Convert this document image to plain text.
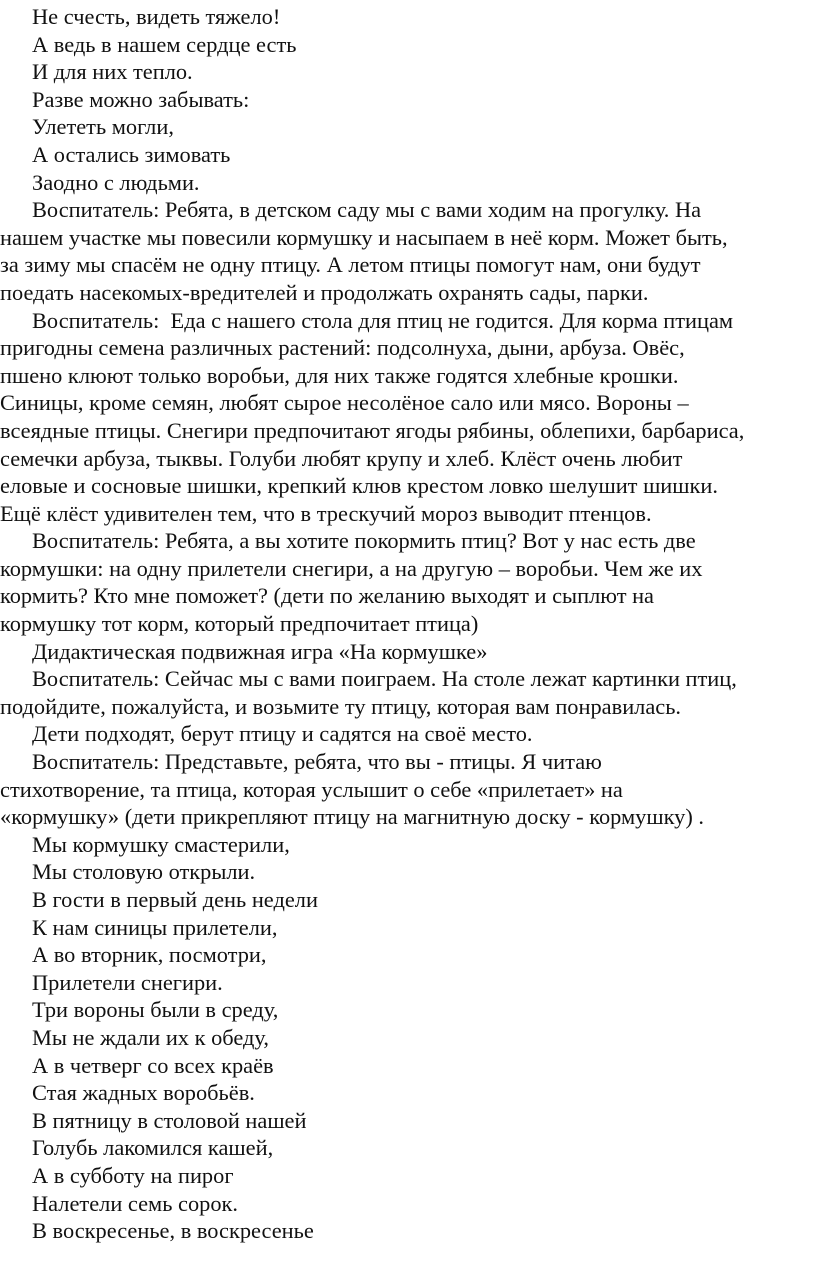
Не счесть, видеть тяжело!
А ведь в нашем сердце есть
И для них тепло.
Разве можно забывать:
Улететь могли,
А остались зимовать
Заодно с людьми.
Воспитатель: Ребята, в детском саду мы с вами ходим на прогулку. На
нашем участке мы повесили кормушку и насыпаем в неё корм. Может быть,
за зиму мы спасём не одну птицу. А летом птицы помогут нам, они будут
поедать насекомых-вредителей и продолжать охранять сады, парки.
Воспитатель:  Еда с нашего стола для птиц не годится. Для корма птицам
пригодны семена различных растений: подсолнуха, дыни, арбуза. Овёс,
пшено клюют только воробьи, для них также годятся хлебные крошки.
Синицы, кроме семян, любят сырое несолёное сало или мясо. Вороны –
всеядные птицы. Снегири предпочитают ягоды рябины, облепихи, барбариса,
семечки арбуза, тыквы. Голуби любят крупу и хлеб. Клёст очень любит
еловые и сосновые шишки, крепкий клюв крестом ловко шелушит шишки.
Ещё клёст удивителен тем, что в трескучий мороз выводит птенцов.
Воспитатель: Ребята, а вы хотите покормить птиц? Вот у нас есть две
кормушки: на одну прилетели снегири, а на другую – воробьи. Чем же их
кормить? Кто мне поможет? (дети по желанию выходят и сыплют на
кормушку тот корм, который предпочитает птица)
Дидактическая подвижная игра «На кормушке»
Воспитатель: Сейчас мы с вами поиграем. На столе лежат картинки птиц,
подойдите, пожалуйста, и возьмите ту птицу, которая вам понравилась.
Дети подходят, берут птицу и садятся на своё место.
Воспитатель: Представьте, ребята, что вы - птицы. Я читаю
стихотворение, та птица, которая услышит о себе «прилетает» на
«кормушку» (дети прикрепляют птицу на магнитную доску - кормушку) .
Мы кормушку смастерили,
Мы столовую открыли.
В гости в первый день недели
К нам синицы прилетели,
А во вторник, посмотри,
Прилетели снегири.
Три вороны были в среду,
Мы не ждали их к обеду,
А в четверг со всех краёв
Стая жадных воробьёв.
В пятницу в столовой нашей
Голубь лакомился кашей,
А в субботу на пирог
Налетели семь сорок.
В воскресенье, в воскресенье
